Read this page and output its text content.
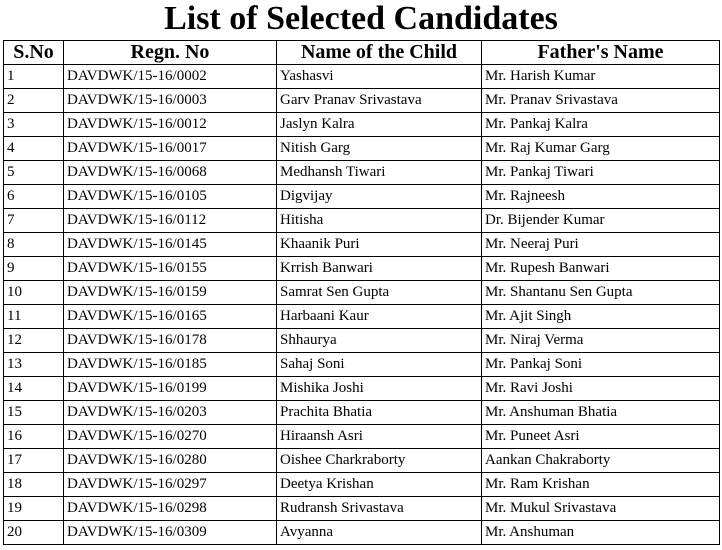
List of Selected Candidates
S.No	Regn. No	Name of the Child	Father's Name
1	DAVDWK/15-16/0002	Yashasvi	Mr. Harish Kumar
2	DAVDWK/15-16/0003	Garv Pranav Srivastava	Mr. Pranav Srivastava
3	DAVDWK/15-16/0012	Jaslyn Kalra	Mr. Pankaj Kalra
4	DAVDWK/15-16/0017	Nitish Garg	Mr. Raj Kumar Garg
5	DAVDWK/15-16/0068	Medhansh Tiwari	Mr. Pankaj Tiwari
6	DAVDWK/15-16/0105	Digvijay	Mr. Rajneesh
7	DAVDWK/15-16/0112	Hitisha	Dr. Bijender Kumar
8	DAVDWK/15-16/0145	Khaanik Puri	Mr. Neeraj Puri
9	DAVDWK/15-16/0155	Krrish Banwari	Mr. Rupesh Banwari
10	DAVDWK/15-16/0159	Samrat Sen Gupta	Mr. Shantanu Sen Gupta
11	DAVDWK/15-16/0165	Harbaani Kaur	Mr. Ajit Singh
12	DAVDWK/15-16/0178	Shhaurya	Mr. Niraj Verma
13	DAVDWK/15-16/0185	Sahaj Soni	Mr. Pankaj Soni
14	DAVDWK/15-16/0199	Mishika Joshi	Mr. Ravi Joshi
15	DAVDWK/15-16/0203	Prachita Bhatia	Mr. Anshuman Bhatia
16	DAVDWK/15-16/0270	Hiraansh Asri	Mr. Puneet Asri
17	DAVDWK/15-16/0280	Oishee Charkraborty	Aankan Chakraborty
18	DAVDWK/15-16/0297	Deetya Krishan	Mr. Ram Krishan
19	DAVDWK/15-16/0298	Rudransh Srivastava	Mr. Mukul Srivastava
20	DAVDWK/15-16/0309	Avyanna	Mr. Anshuman
